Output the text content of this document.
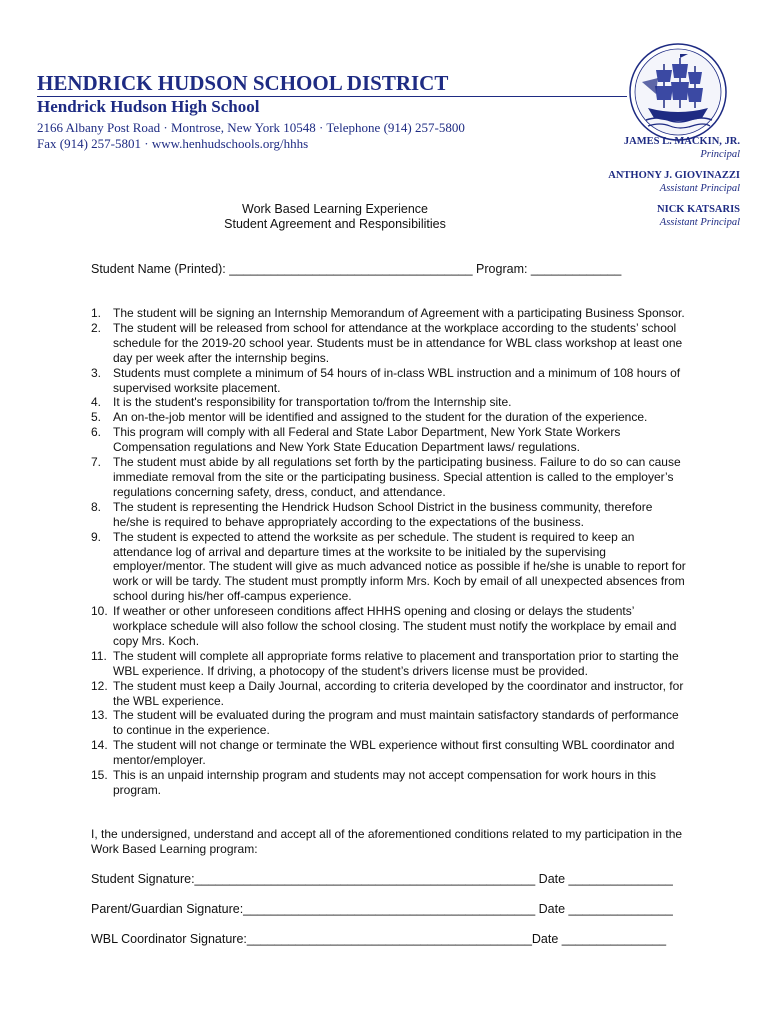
HENDRICK HUDSON SCHOOL DISTRICT
Hendrick Hudson High School
2166 Albany Post Road · Montrose, New York 10548 · Telephone (914) 257-5800
Fax (914) 257-5801 · www.henhudschools.org/hhhs	JAMES L. MACKIN, JR.
Principal
ANTHONY J. GIOVINAZZI
Assistant Principal
NICK KATSARIS
Assistant Principal
Work Based Learning Experience
Student Agreement and Responsibilities
Student Name (Printed): ___________________________________ Program: _____________
1. The student will be signing an Internship Memorandum of Agreement with a participating Business Sponsor.
2. The student will be released from school for attendance at the workplace according to the students’ school schedule for the 2019-20 school year. Students must be in attendance for WBL class workshop at least one day per week after the internship begins.
3. Students must complete a minimum of 54 hours of in-class WBL instruction and a minimum of 108 hours of supervised worksite placement.
4. It is the student's responsibility for transportation to/from the Internship site.
5. An on-the-job mentor will be identified and assigned to the student for the duration of the experience.
6. This program will comply with all Federal and State Labor Department, New York State Workers Compensation regulations and New York State Education Department laws/ regulations.
7. The student must abide by all regulations set forth by the participating business. Failure to do so can cause immediate removal from the site or the participating business. Special attention is called to the employer’s regulations concerning safety, dress, conduct, and attendance.
8. The student is representing the Hendrick Hudson School District in the business community, therefore he/she is required to behave appropriately according to the expectations of the business.
9. The student is expected to attend the worksite as per schedule. The student is required to keep an attendance log of arrival and departure times at the worksite to be initialed by the supervising employer/mentor. The student will give as much advanced notice as possible if he/she is unable to report for work or will be tardy. The student must promptly inform Mrs. Koch by email of all unexpected absences from school during his/her off-campus experience.
10. If weather or other unforeseen conditions affect HHHS opening and closing or delays the students’ workplace schedule will also follow the school closing. The student must notify the workplace by email and copy Mrs. Koch.
11. The student will complete all appropriate forms relative to placement and transportation prior to starting the WBL experience. If driving, a photocopy of the student’s drivers license must be provided.
12. The student must keep a Daily Journal, according to criteria developed by the coordinator and instructor, for the WBL experience.
13. The student will be evaluated during the program and must maintain satisfactory standards of performance to continue in the experience.
14. The student will not change or terminate the WBL experience without first consulting WBL coordinator and mentor/employer.
15. This is an unpaid internship program and students may not accept compensation for work hours in this program.
I, the undersigned, understand and accept all of the aforementioned conditions related to my participation in the Work Based Learning program:
Student Signature:_________________________________________________ Date _______________
Parent/Guardian Signature:__________________________________________ Date _______________
WBL Coordinator Signature:_________________________________________Date _______________
